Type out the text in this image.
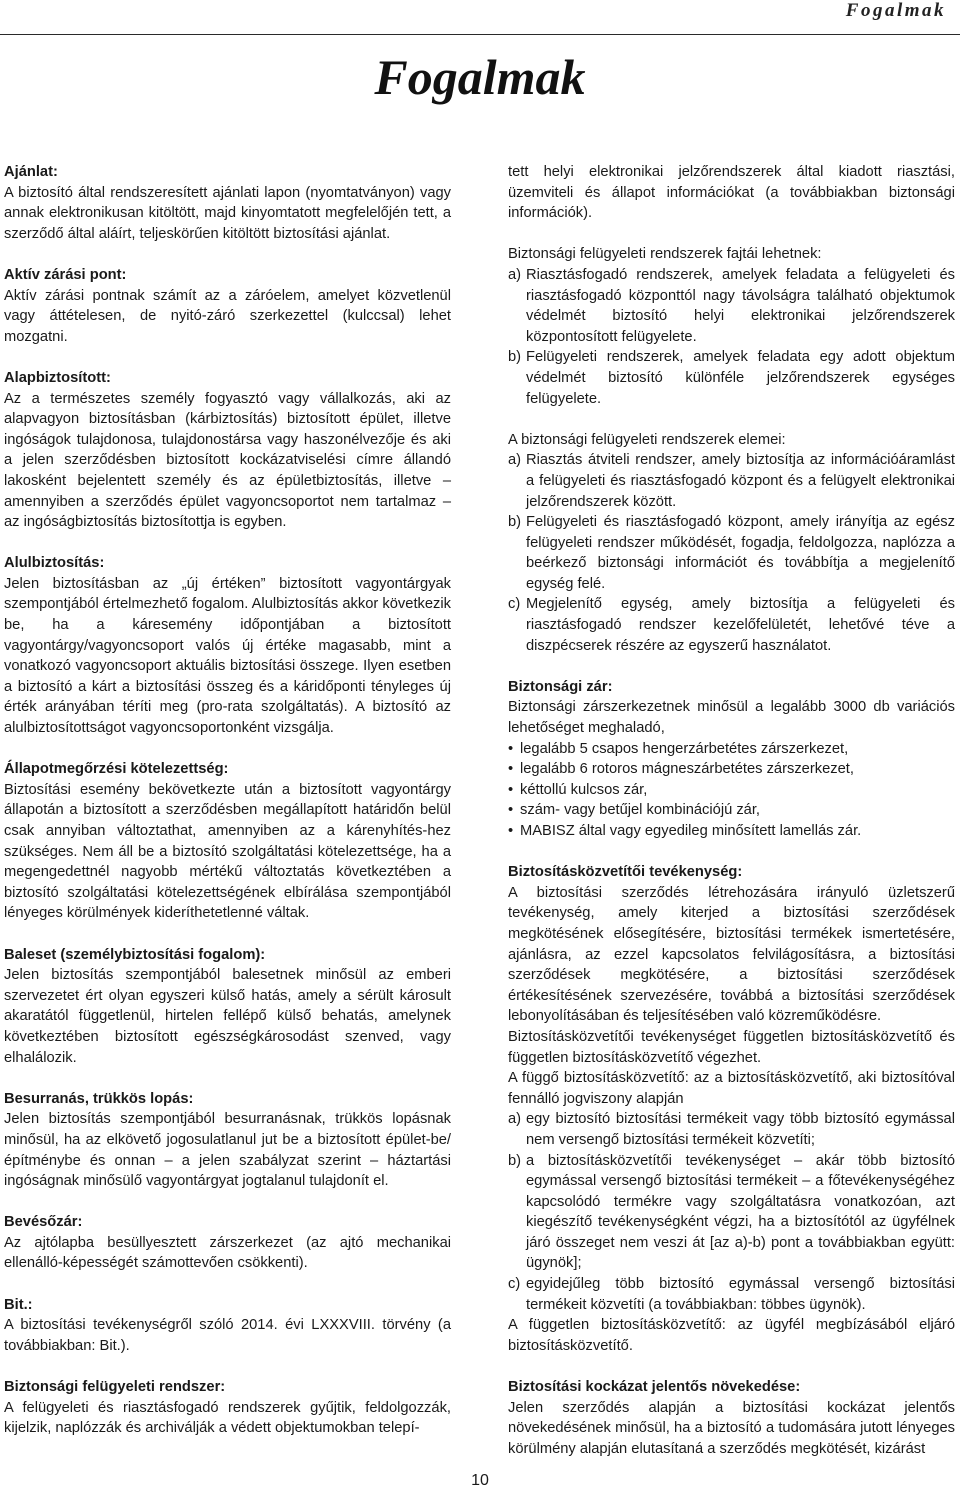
Fogalmak
Fogalmak
Ajánlat:

A biztosító által rendszeresített ajánlati lapon (nyomtatványon) vagy annak elektronikusan kitöltött, majd kinyomtatott megfelelőjén tett, a szerződő által aláírt, teljeskörűen kitöltött biztosítási ajánlat.

Aktív zárási pont:

Aktív zárási pontnak számít az a záróelem, amelyet közvetlenül vagy áttételesen, de nyitó-záró szerkezettel (kulccsal) lehet mozgatni.

Alapbiztosított:

Az a természetes személy fogyasztó vagy vállalkozás, aki az alapvagyon biztosításban (kárbiztosítás) biztosított épület, illetve ingóságok tulajdonosa, tulajdonostársa vagy haszonélvezője és aki a jelen szerződésben biztosított kockázatviselési címre állandó lakosként bejelentett személy és az épületbiztosítás, illetve – amennyiben a szerződés épület vagyoncsoportot nem tartalmaz – az ingóságbiztosítás biztosítottja is egyben.

Alulbiztosítás:

Jelen biztosításban az „új értéken” biztosított vagyontárgyak szempontjából értelmezhető fogalom. Alulbiztosítás akkor következik be, ha a káresemény időpontjában a biztosított vagyontárgy/vagyoncsoport valós új értéke magasabb, mint a vonatkozó vagyoncsoport aktuális biztosítási összege. Ilyen esetben a biztosító a kárt a biztosítási összeg és a káridőponti tényleges új érték arányában téríti meg (pro-rata szolgáltatás). A biztosító az alulbiztosítottságot vagyoncsoportonként vizsgálja.

Állapotmegőrzési kötelezettség:

Biztosítási esemény bekövetkezte után a biztosított vagyontárgy állapotán a biztosított a szerződésben megállapított határidőn belül csak annyiban változtathat, amennyiben az a kárenyhítés-hez szükséges. Nem áll be a biztosító szolgáltatási kötelezettsége, ha a megengedettnél nagyobb mértékű változtatás következtében a biztosító szolgáltatási kötelezettségének elbírálása szempontjából lényeges körülmények kideríthetetlenné váltak.

Baleset (személybiztosítási fogalom):

Jelen biztosítás szempontjából balesetnek minősül az emberi szervezetet ért olyan egyszeri külső hatás, amely a sérült károsult akaratától függetlenül, hirtelen fellépő külső behatás, amelynek következtében biztosított egészségkárosodást szenved, vagy elhalálozik.

Besurranás, trükkös lopás:

Jelen biztosítás szempontjából besurranásnak, trükkös lopásnak minősül, ha az elkövető jogosulatlanul jut be a biztosított épület-be/építménybe és onnan – a jelen szabályzat szerint – háztartási ingóságnak minősülő vagyontárgyat jogtalanul tulajdonít el.

Bevésőzár:

Az ajtólapba besüllyesztett zárszerkezet (az ajtó mechanikai ellenálló-képességét számottevően csökkenti).

Bit.:

A biztosítási tevékenységről szóló 2014. évi LXXXVIII. törvény (a továbbiakban: Bit.).

Biztonsági felügyeleti rendszer:

A felügyeleti és riasztásfogadó rendszerek gyűjtik, feldolgozzák, kijelzik, naplózzák és archiválják a védett objektumokban telepí-

tett helyi elektronikai jelzőrendszerek által kiadott riasztási, üzemviteli és állapot információkat (a továbbiakban biztonsági információk).

Biztonsági felügyeleti rendszerek fajtái lehetnek:

a) Riasztásfogadó rendszerek, amelyek feladata a felügyeleti és riasztásfogadó központtól nagy távolságra található objektumok védelmét biztosító helyi elektronikai jelzőrendszerek központosított felügyelete.
b) Felügyeleti rendszerek, amelyek feladata egy adott objektum védelmét biztosító különféle jelzőrendszerek egységes felügyelete.

A biztonsági felügyeleti rendszerek elemei:

a) Riasztás átviteli rendszer, amely biztosítja az információáramlást a felügyeleti és riasztásfogadó központ és a felügyelt elektronikai jelzőrendszerek között.
b) Felügyeleti és riasztásfogadó központ, amely irányítja az egész felügyeleti rendszer működését, fogadja, feldolgozza, naplózza a beérkező biztonsági információt és továbbítja a megjelenítő egység felé.
c) Megjelenítő egység, amely biztosítja a felügyeleti és riasztásfogadó rendszer kezelőfelületét, lehetővé téve a diszpécserek részére az egyszerű használatot.
Biztonsági zár:

Biztonsági zárszerkezetnek minősül a legalább 3000 db variációs lehetőséget meghaladó,

• legalább 5 csapos hengerzárbetétes zárszerkezet,
• legalább 6 rotoros mágneszárbetétes zárszerkezet,
• kéttollú kulcsos zár,
• szám- vagy betűjel kombinációjú zár,
• MABISZ által vagy egyedileg minősített lamellás zár.
Biztosításközvetítői tevékenység:

A biztosítási szerződés létrehozására irányuló üzletszerű tevékenység, amely kiterjed a biztosítási szerződések megkötésének elősegítésére, biztosítási termékek ismertetésére, ajánlásra, az ezzel kapcsolatos felvilágosításra, a biztosítási szerződések megkötésére, a biztosítási szerződések értékesítésének szervezésére, továbbá a biztosítási szerződések lebonyolításában és teljesítésében való közreműködésre.

Biztosításközvetítői tevékenységet független biztosításközvetítő és független biztosításközvetítő végezhet.

A függő biztosításközvetítő: az a biztosításközvetítő, aki biztosítóval fennálló jogviszony alapján

a) egy biztosító biztosítási termékeit vagy több biztosító egymással nem versengő biztosítási termékeit közvetíti;
b) a biztosításközvetítői tevékenységet – akár több biztosító egymással versengő biztosítási termékeit – a főtevékenységéhez kapcsolódó termékre vagy szolgáltatásra vonatkozóan, azt kiegészítő tevékenységként végzi, ha a biztosítótól az ügyfélnek járó összeget nem veszi át [az a)-b) pont a továbbiakban együtt: ügynök];
c) egyidejűleg több biztosító egymással versengő biztosítási termékeit közvetíti (a továbbiakban: többes ügynök).

A független biztosításközvetítő: az ügyfél megbízásából eljáró biztosításközvetítő.

Biztosítási kockázat jelentős növekedése:

Jelen szerződés alapján a biztosítási kockázat jelentős növekedésének minősül, ha a biztosító a tudomására jutott lényeges körülmény alapján elutasítaná a szerződés megkötését, kizárást

10
